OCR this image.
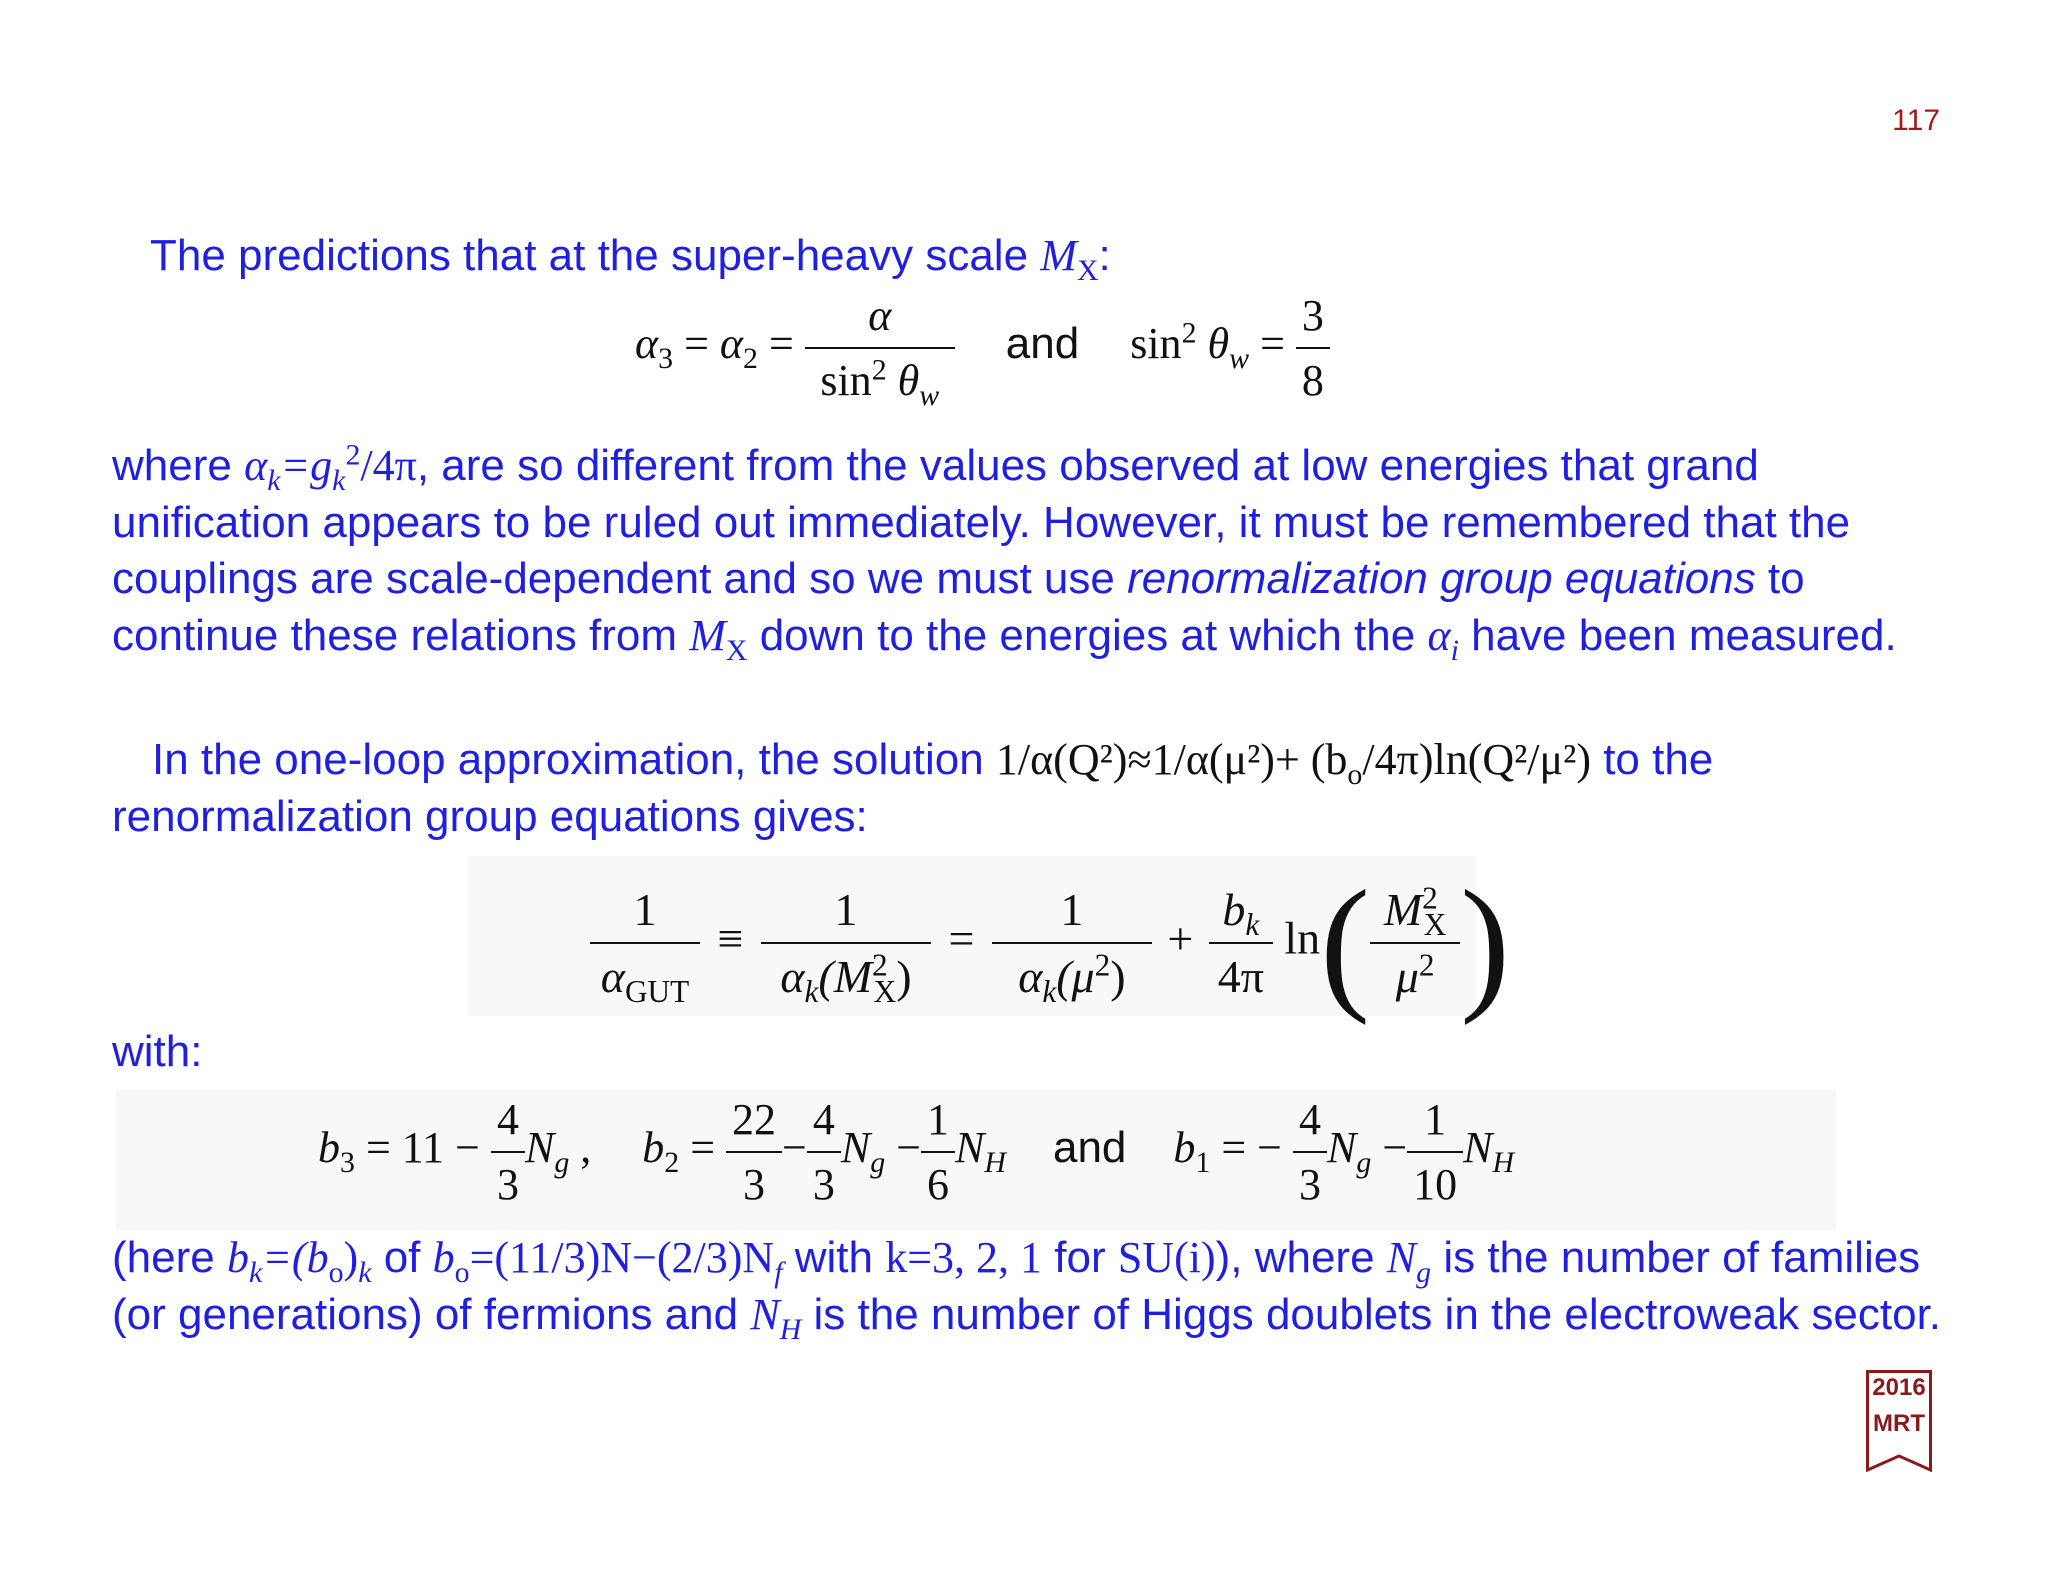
117
The predictions that at the super-heavy scale $M_X$:
$\alpha_3 = \alpha_2 = \frac{\alpha}{\sin^2 \theta_w}$ and $\sin^2 \theta_w = \frac{3}{8}$
where $\alpha_k=g_k^2/4\pi$, are so different from the values observed at low energies that grand unification appears to be ruled out immediately. However, it must be remembered that the couplings are scale-dependent and so we must use renormalization group equations to continue these relations from $M_X$ down to the energies at which the $\alpha_i$ have been measured.
In the one-loop approximation, the solution $1/\alpha(Q^2)\approx 1/\alpha(\mu^2)+ (b_o/4\pi)\ln(Q^2/\mu^2)$ to the renormalization group equations gives:
$\frac{1}{\alpha_{GUT}} \equiv \frac{1}{\alpha_k(M^2_X)} = \frac{1}{\alpha_k(\mu^2)} + \frac{b_k}{4\pi} \ln( \frac{M^2_X}{\mu^2}$ )
with:
$b_3 = 11 - \frac{4}{3} N_g$ , $b_2 = \frac{22}{3} - \frac{4}{3} N_g - \frac{1}{6} N_H$ and $b_1$ = − $\frac{4}{3} N_g - \frac{1}{10} N_H$
(here $b_k=(b_o)_k$ of $b_o=(11/3)N-(2/3)N_f$ with k=3, 2, 1 for SU(i)), where $N_g$ is the number of families (or generations) of fermions and $N_H$ is the number of Higgs doublets in the electroweak sector.
2016
MRT
